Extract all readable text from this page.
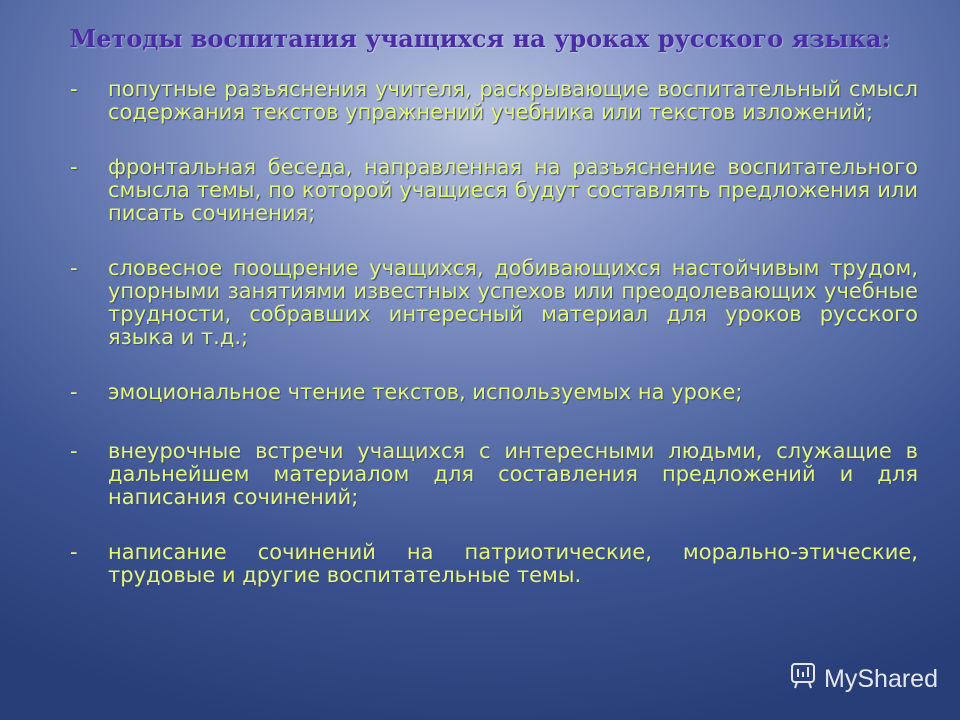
Методы воспитания учащихся на уроках русского языка:
- попутные разъяснения учителя, раскрывающие воспитательный смысл содержания текстов упражнений учебника или текстов изложений;
- фронтальная беседа, направленная на разъяснение воспитательного смысла темы, по которой учащиеся будут составлять предложения или писать сочинения;
- словесное поощрение учащихся, добивающихся настойчивым трудом, упорными занятиями известных успехов или преодолевающих учебные трудности, собравших интересный материал для уроков русского языка и т.д.;
- эмоциональное чтение текстов, используемых на уроке;
- внеурочные встречи учащихся с интересными людьми, служащие в дальнейшем материалом для составления предложений и для написания сочинений;
- написание сочинений на патриотические, морально-этические, трудовые и другие воспитательные темы.
MyShared
